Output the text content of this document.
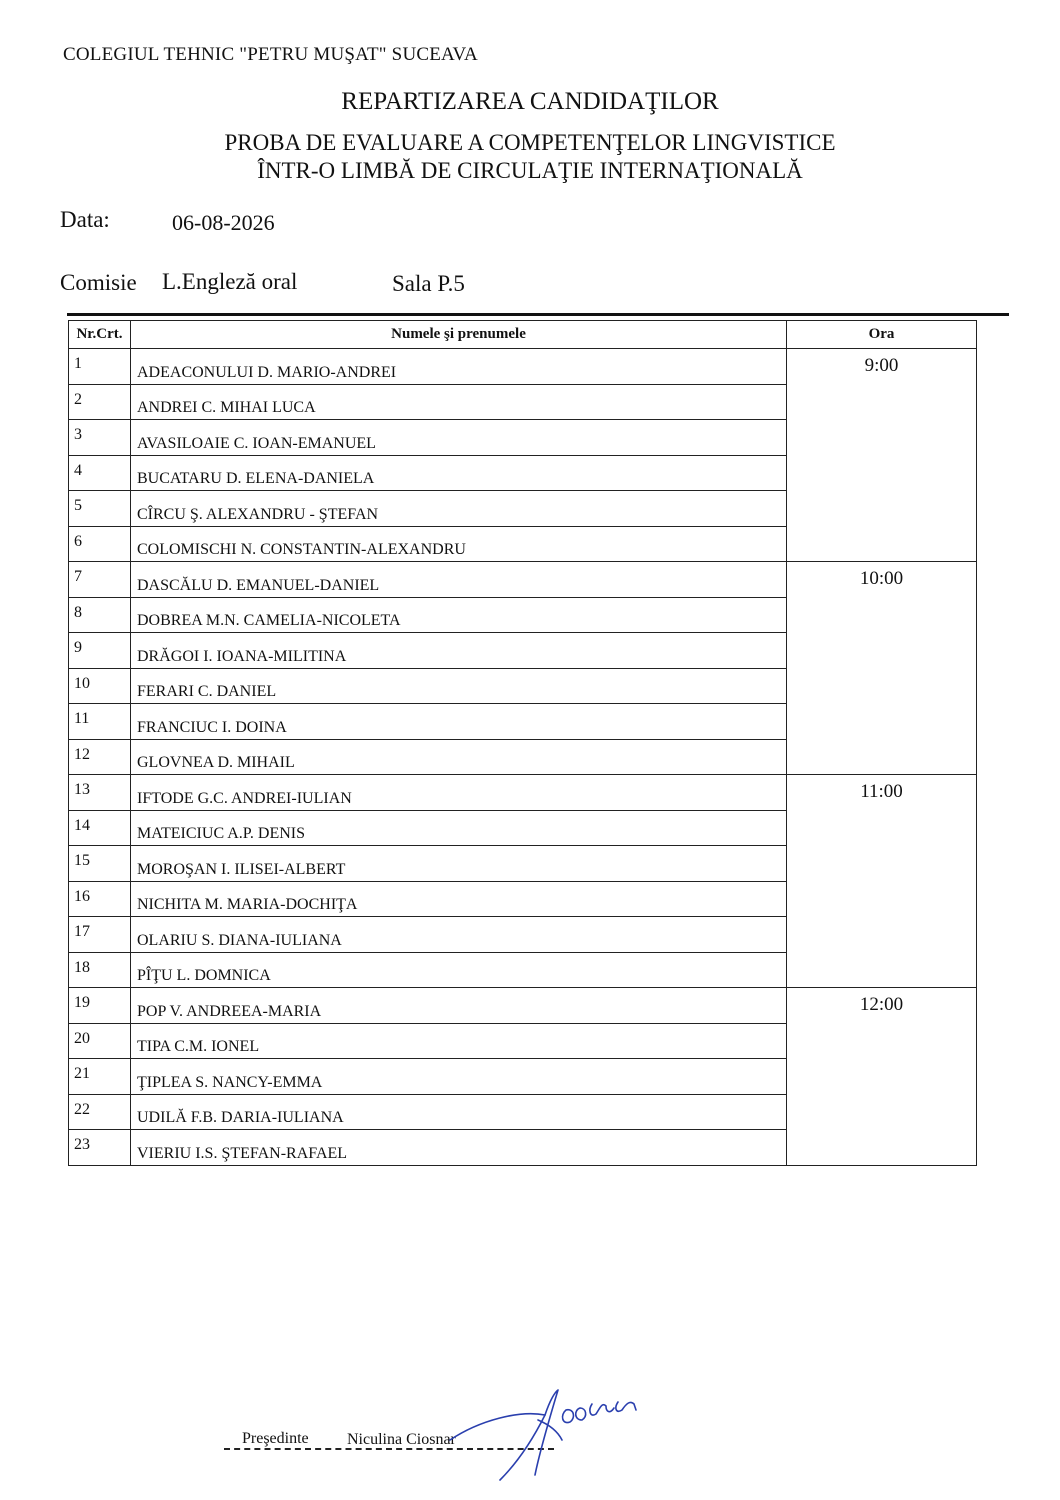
COLEGIUL TEHNIC "PETRU MUŞAT" SUCEAVA
REPARTIZAREA CANDIDAŢILOR
PROBA DE EVALUARE A COMPETENŢELOR LINGVISTICE
ÎNTR-O LIMBĂ DE CIRCULAŢIE INTERNAŢIONALĂ
Data:	06-08-2026
Comisie L.Engleză oral	Sala P.5
Nr.Crt.	Numele şi prenumele	Ora
1	ADEACONULUI D. MARIO-ANDREI	9:00
2	ANDREI C. MIHAI LUCA	
3	AVASILOAIE C. IOAN-EMANUEL	
4	BUCATARU D. ELENA-DANIELA	
5	CÎRCU Ş. ALEXANDRU - ŞTEFAN	
6	COLOMISCHI N. CONSTANTIN-ALEXANDRU	
7	DASCĂLU D. EMANUEL-DANIEL	10:00
8	DOBREA M.N. CAMELIA-NICOLETA	
9	DRĂGOI I. IOANA-MILITINA	
10	FERARI C. DANIEL	
11	FRANCIUC I. DOINA	
12	GLOVNEA D. MIHAIL	
13	IFTODE G.C. ANDREI-IULIAN	11:00
14	MATEICIUC A.P. DENIS	
15	MOROŞAN I. ILISEI-ALBERT	
16	NICHITA M. MARIA-DOCHIŢA	
17	OLARIU S. DIANA-IULIANA	
18	PÎŢU L. DOMNICA	
19	POP V. ANDREEA-MARIA	12:00
20	TIPA C.M. IONEL	
21	ŢIPLEA S. NANCY-EMMA	
22	UDILĂ F.B. DARIA-IULIANA	
23	VIERIU I.S. ŞTEFAN-RAFAEL	
Preşedinte Niculina Ciosnar
